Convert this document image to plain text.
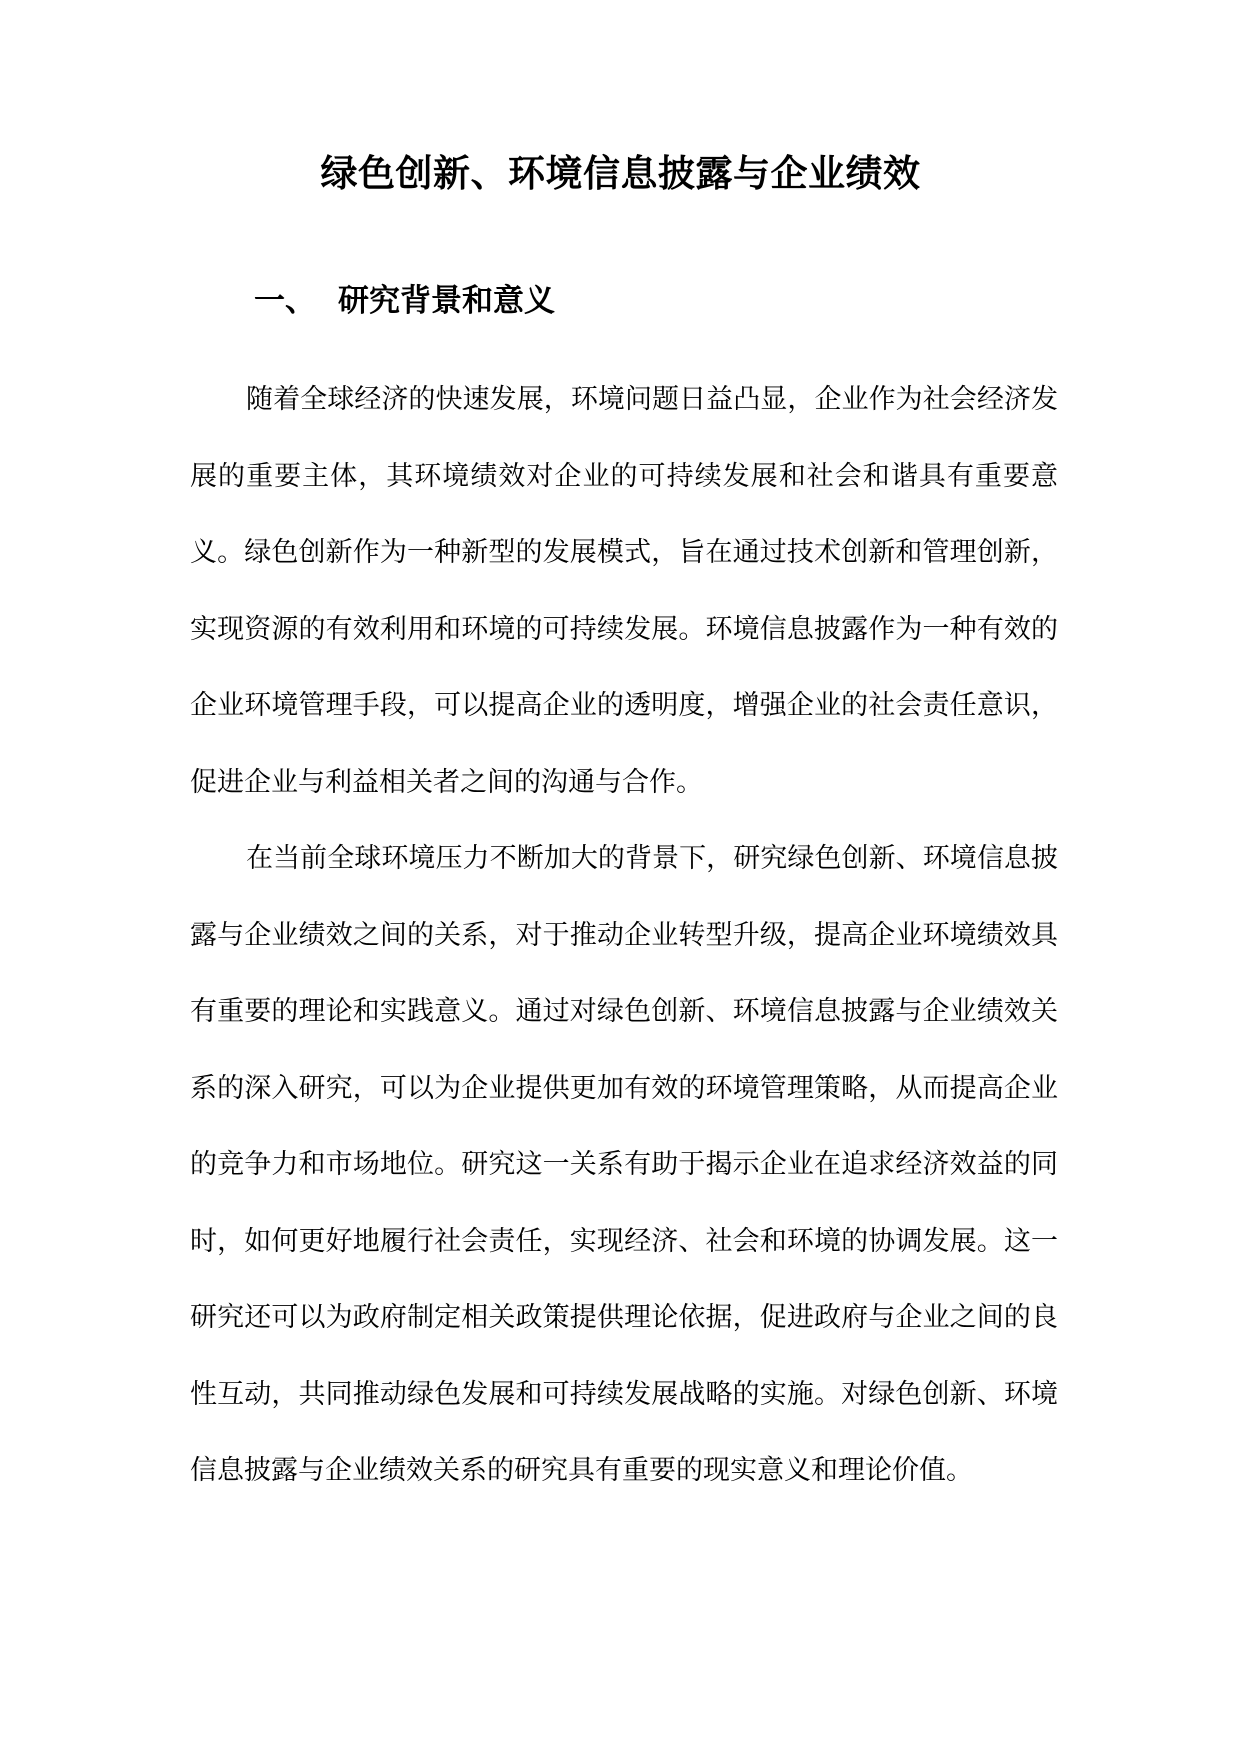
绿色创新、环境信息披露与企业绩效
一、 研究背景和意义

随着全球经济的快速发展，环境问题日益凸显，企业作为社会经济发展的重要主体，其环境绩效对企业的可持续发展和社会和谐具有重要意义。绿色创新作为一种新型的发展模式，旨在通过技术创新和管理创新，实现资源的有效利用和环境的可持续发展。环境信息披露作为一种有效的企业环境管理手段，可以提高企业的透明度，增强企业的社会责任意识，促进企业与利益相关者之间的沟通与合作。

在当前全球环境压力不断加大的背景下，研究绿色创新、环境信息披露与企业绩效之间的关系，对于推动企业转型升级，提高企业环境绩效具有重要的理论和实践意义。通过对绿色创新、环境信息披露与企业绩效关系的深入研究，可以为企业提供更加有效的环境管理策略，从而提高企业的竞争力和市场地位。研究这一关系有助于揭示企业在追求经济效益的同时，如何更好地履行社会责任，实现经济、社会和环境的协调发展。这一研究还可以为政府制定相关政策提供理论依据，促进政府与企业之间的良性互动，共同推动绿色发展和可持续发展战略的实施。对绿色创新、环境信息披露与企业绩效关系的研究具有重要的现实意义和理论价值。
